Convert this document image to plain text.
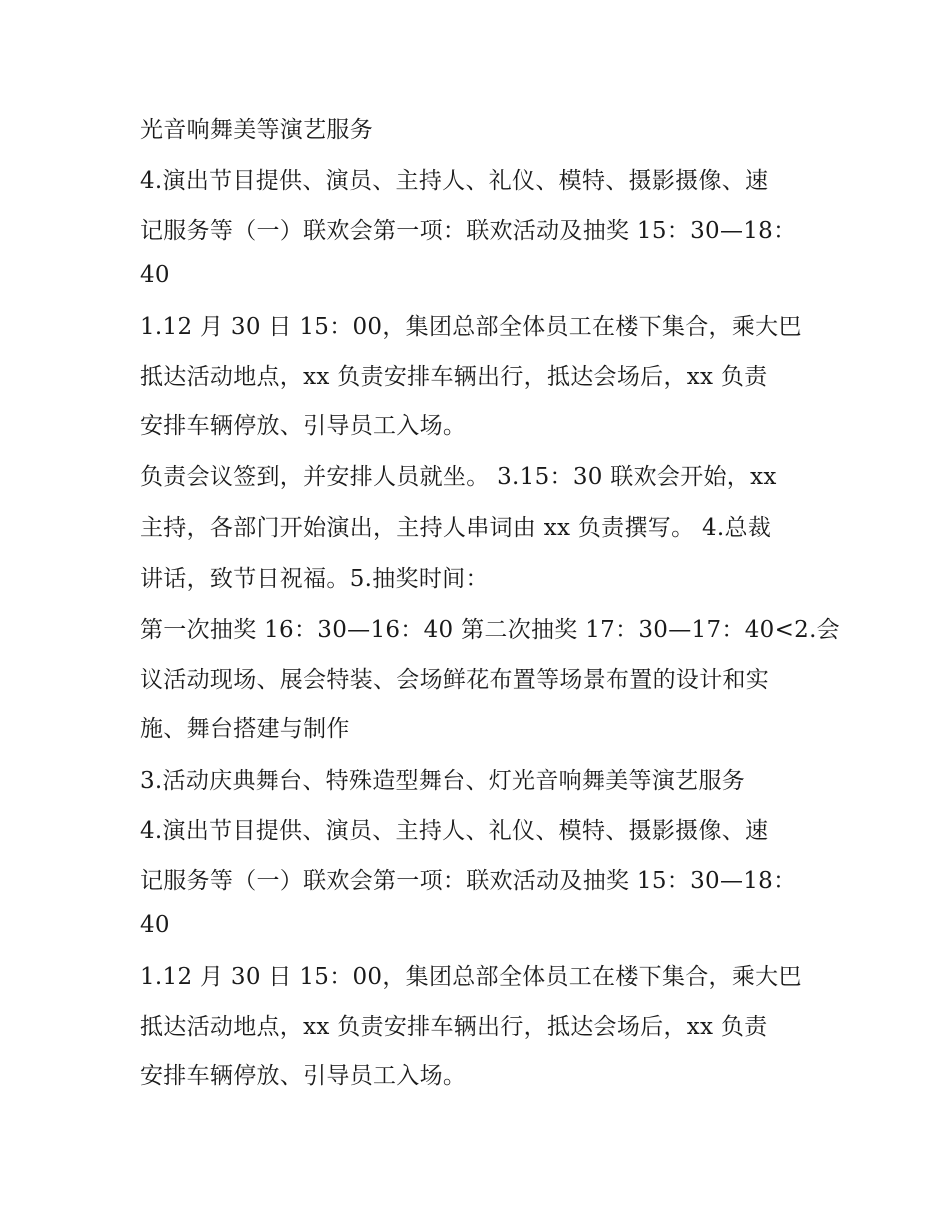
光音响舞美等演艺服务
4.演出节目提供、演员、主持人、礼仪、模特、摄影摄像、速
记服务等（一）联欢会第一项：联欢活动及抽奖 15：30—18：
40
1.12 月 30 日 15：00，集团总部全体员工在楼下集合，乘大巴
抵达活动地点，xx 负责安排车辆出行，抵达会场后，xx 负责
安排车辆停放、引导员工入场。
负责会议签到，并安排人员就坐。 3.15：30 联欢会开始，xx
主持，各部门开始演出，主持人串词由 xx 负责撰写。 4.总裁
讲话，致节日祝福。5.抽奖时间：
第一次抽奖 16：30—16：40 第二次抽奖 17：30—17：40<2.会
议活动现场、展会特装、会场鲜花布置等场景布置的设计和实
施、舞台搭建与制作
3.活动庆典舞台、特殊造型舞台、灯光音响舞美等演艺服务
4.演出节目提供、演员、主持人、礼仪、模特、摄影摄像、速
记服务等（一）联欢会第一项：联欢活动及抽奖 15：30—18：
40
1.12 月 30 日 15：00，集团总部全体员工在楼下集合，乘大巴
抵达活动地点，xx 负责安排车辆出行，抵达会场后，xx 负责
安排车辆停放、引导员工入场。
